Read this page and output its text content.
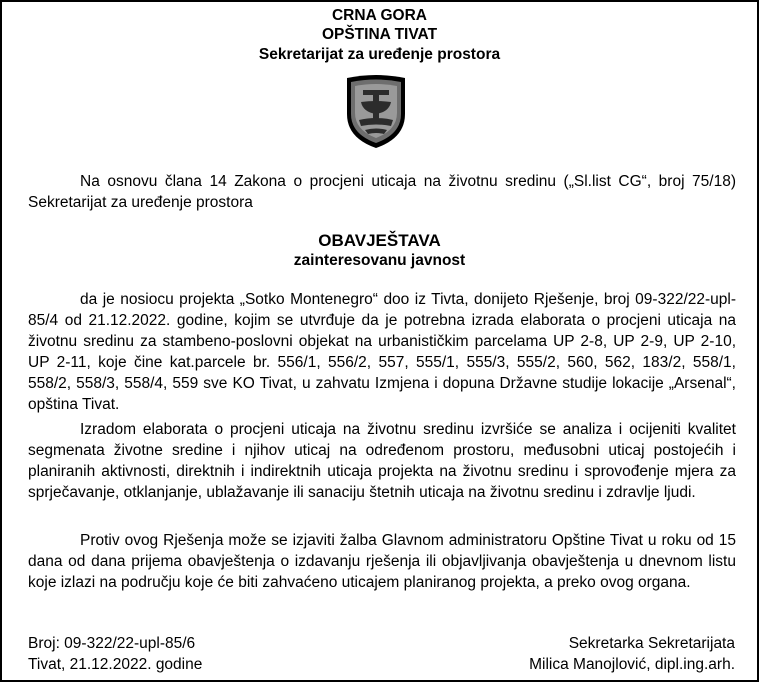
CRNA GORA
OPŠTINA TIVAT
Sekretarijat za uređenje prostora

Na osnovu člana 14 Zakona o procjeni uticaja na životnu sredinu („Sl.list CG“, broj 75/18) Sekretarijat za uređenje prostora

OBAVJEŠTAVA

zainteresovanu javnost

da je nosiocu projekta „Sotko Montenegro“ doo iz Tivta, donijeto Rješenje, broj 09-322/22-upl-85/4 od 21.12.2022. godine, kojim se utvrđuje da je potrebna izrada elaborata o procjeni uticaja na životnu sredinu za stambeno-poslovni objekat na urbanističkim parcelama UP 2-8, UP 2-9, UP 2-10, UP 2-11, koje čine kat.parcele br. 556/1, 556/2, 557, 555/1, 555/3, 555/2, 560, 562, 183/2, 558/1, 558/2, 558/3, 558/4, 559 sve KO Tivat, u zahvatu Izmjena i dopuna Državne studije lokacije „Arsenal“, opština Tivat.

Izradom elaborata o procjeni uticaja na životnu sredinu izvršiće se analiza i ocijeniti kvalitet segmenata životne sredine i njihov uticaj na određenom prostoru, međusobni uticaj postojećih i planiranih aktivnosti, direktnih i indirektnih uticaja projekta na životnu sredinu i sprovođenje mjera za sprječavanje, otklanjanje, ublažavanje ili sanaciju štetnih uticaja na životnu sredinu i zdravlje ljudi.

Protiv ovog Rješenja može se izjaviti žalba Glavnom administratoru Opštine Tivat u roku od 15 dana od dana prijema obavještenja o izdavanju rješenja ili objavljivanja obavještenja u dnevnom listu koje izlazi na području koje će biti zahvaćeno uticajem planiranog projekta, a preko ovog organa.

Broj: 09-322/22-upl-85/6

Tivat, 21.12.2022. godine

Sekretarka Sekretarijata

Milica Manojlović, dipl.ing.arh.
